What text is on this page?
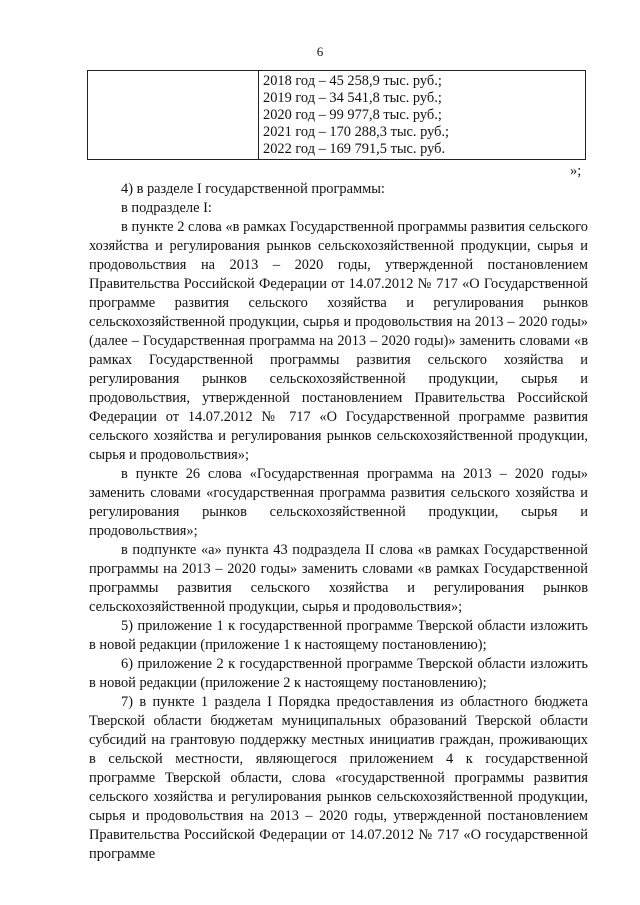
6
2018 год – 45 258,9 тыс. руб.;
2019 год – 34 541,8 тыс. руб.;
2020 год – 99 977,8 тыс. руб.;
2021 год – 170 288,3 тыс. руб.;
2022 год – 169 791,5 тыс. руб.
»;

4) в разделе I государственной программы:

в подразделе I:

в пункте 2 слова «в рамках Государственной программы развития сельского хозяйства и регулирования рынков сельскохозяйственной продукции, сырья и продовольствия на 2013 – 2020 годы, утвержденной постановлением Правительства Российской Федерации от 14.07.2012 № 717 «О Государственной программе развития сельского хозяйства и регулирования рынков сельскохозяйственной продукции, сырья и продовольствия на 2013 – 2020 годы» (далее – Государственная программа на 2013 – 2020 годы)» заменить словами «в рамках Государственной программы развития сельского хозяйства и регулирования рынков сельскохозяйственной продукции, сырья и продовольствия, утвержденной постановлением Правительства Российской Федерации от 14.07.2012 № 717 «О Государственной программе развития сельского хозяйства и регулирования рынков сельскохозяйственной продукции, сырья и продовольствия»;

в пункте 26 слова «Государственная программа на 2013 – 2020 годы» заменить словами «государственная программа развития сельского хозяйства и регулирования рынков сельскохозяйственной продукции, сырья и продовольствия»;

в подпункте «а» пункта 43 подраздела II слова «в рамках Государственной программы на 2013 – 2020 годы» заменить словами «в рамках Государственной программы развития сельского хозяйства и регулирования рынков сельскохозяйственной продукции, сырья и продовольствия»;

5) приложение 1 к государственной программе Тверской области изложить в новой редакции (приложение 1 к настоящему постановлению);

6) приложение 2 к государственной программе Тверской области изложить в новой редакции (приложение 2 к настоящему постановлению);

7) в пункте 1 раздела I Порядка предоставления из областного бюджета Тверской области бюджетам муниципальных образований Тверской области субсидий на грантовую поддержку местных инициатив граждан, проживающих в сельской местности, являющегося приложением 4 к государственной программе Тверской области, слова «государственной программы развития сельского хозяйства и регулирования рынков сельскохозяйственной продукции, сырья и продовольствия на 2013 – 2020 годы, утвержденной постановлением Правительства Российской Федерации от 14.07.2012 № 717 «О государственной программе
